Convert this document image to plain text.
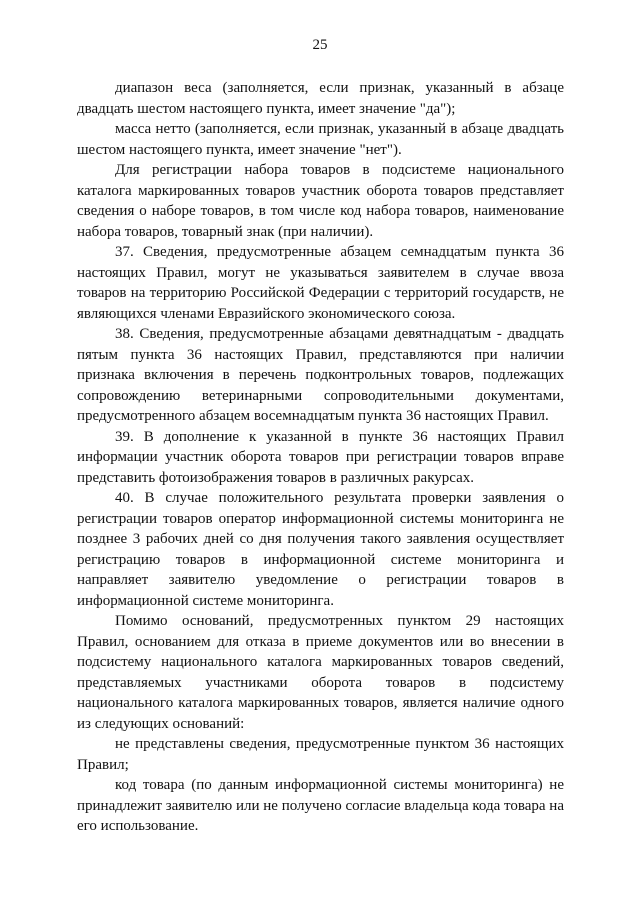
25

диапазон веса (заполняется, если признак, указанный в абзаце двадцать шестом настоящего пункта, имеет значение "да");

масса нетто (заполняется, если признак, указанный в абзаце двадцать шестом настоящего пункта, имеет значение "нет").

Для регистрации набора товаров в подсистеме национального каталога маркированных товаров участник оборота товаров представляет сведения о наборе товаров, в том числе код набора товаров, наименование набора товаров, товарный знак (при наличии).

37. Сведения, предусмотренные абзацем семнадцатым пункта 36 настоящих Правил, могут не указываться заявителем в случае ввоза товаров на территорию Российской Федерации с территорий государств, не являющихся членами Евразийского экономического союза.

38. Сведения, предусмотренные абзацами девятнадцатым - двадцать пятым пункта 36 настоящих Правил, представляются при наличии признака включения в перечень подконтрольных товаров, подлежащих сопровождению ветеринарными сопроводительными документами, предусмотренного абзацем восемнадцатым пункта 36 настоящих Правил.

39. В дополнение к указанной в пункте 36 настоящих Правил информации участник оборота товаров при регистрации товаров вправе представить фотоизображения товаров в различных ракурсах.

40. В случае положительного результата проверки заявления о регистрации товаров оператор информационной системы мониторинга не позднее 3 рабочих дней со дня получения такого заявления осуществляет регистрацию товаров в информационной системе мониторинга и направляет заявителю уведомление о регистрации товаров в информационной системе мониторинга.

Помимо оснований, предусмотренных пунктом 29 настоящих Правил, основанием для отказа в приеме документов или во внесении в подсистему национального каталога маркированных товаров сведений, представляемых участниками оборота товаров в подсистему национального каталога маркированных товаров, является наличие одного из следующих оснований:

не представлены сведения, предусмотренные пунктом 36 настоящих Правил;

код товара (по данным информационной системы мониторинга) не принадлежит заявителю или не получено согласие владельца кода товара на его использование.
